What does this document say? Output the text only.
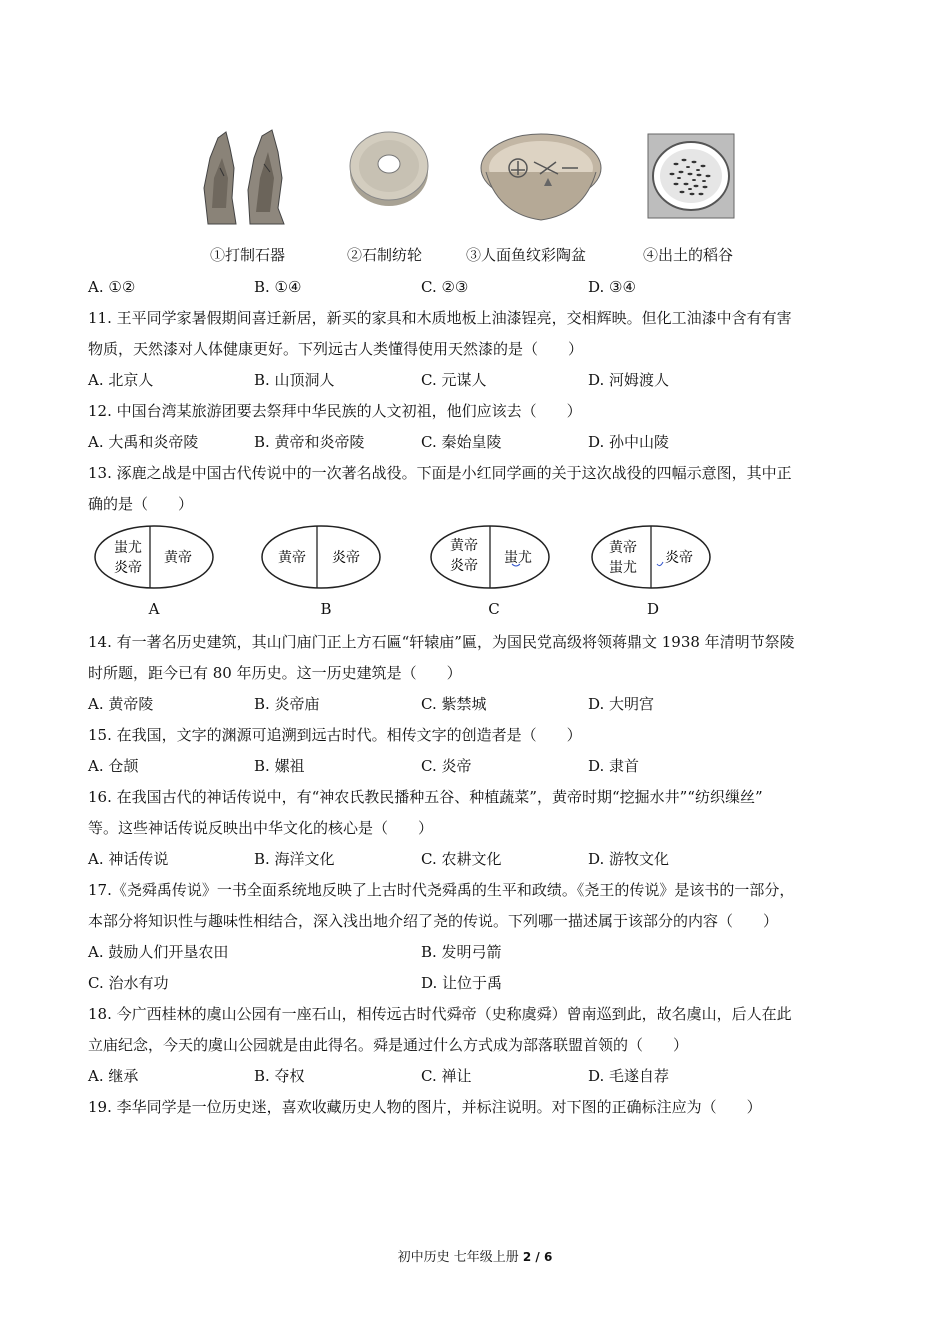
①打制石器	②石制纺轮	③人面鱼纹彩陶盆	④出土的稻谷
A. ①②	B. ①④	C. ②③	D. ③④
11. 王平同学家暑假期间喜迁新居，新买的家具和木质地板上油漆锃亮，交相辉映。但化工油漆中含有有害
物质，天然漆对人体健康更好。下列远古人类懂得使用天然漆的是（　　）
A. 北京人	B. 山顶洞人	C. 元谋人	D. 河姆渡人
12. 中国台湾某旅游团要去祭拜中华民族的人文初祖，他们应该去（　　）
A. 大禹和炎帝陵	B. 黄帝和炎帝陵	C. 秦始皇陵	D. 孙中山陵
13. 涿鹿之战是中国古代传说中的一次著名战役。下面是小红同学画的关于这次战役的四幅示意图，其中正
确的是（　　）
蚩尤
炎帝
黄帝	黄帝 炎帝
黄帝
炎帝 蚩尤
黄帝
蚩尤
炎帝
A	B	C	D
14. 有一著名历史建筑，其山门庙门正上方石匾“轩辕庙”匾，为国民党高级将领蒋鼎文 1938 年清明节祭陵
时所题，距今已有 80 年历史。这一历史建筑是（　　）
A. 黄帝陵	B. 炎帝庙	C. 紫禁城	D. 大明宫
15. 在我国，文字的渊源可追溯到远古时代。相传文字的创造者是（　　）
A. 仓颉	B. 嫘祖	C. 炎帝	D. 隶首
16. 在我国古代的神话传说中，有“神农氏教民播种五谷、种植蔬菜”，黄帝时期“挖掘水井”“纺织缫丝”
等。这些神话传说反映出中华文化的核心是（　　）
A. 神话传说	B. 海洋文化	C. 农耕文化	D. 游牧文化
17.《尧舜禹传说》一书全面系统地反映了上古时代尧舜禹的生平和政绩。《尧王的传说》是该书的一部分，
本部分将知识性与趣味性相结合，深入浅出地介绍了尧的传说。下列哪一描述属于该部分的内容（　　）
A. 鼓励人们开垦农田	B. 发明弓箭
C. 治水有功	D. 让位于禹
18. 今广西桂林的虞山公园有一座石山，相传远古时代舜帝（史称虞舜）曾南巡到此，故名虞山，后人在此
立庙纪念，今天的虞山公园就是由此得名。舜是通过什么方式成为部落联盟首领的（　　）
A. 继承	B. 夺权	C. 禅让	D. 毛遂自荐
19. 李华同学是一位历史迷，喜欢收藏历史人物的图片，并标注说明。对下图的正确标注应为（　　）
初中历史 七年级上册 2 / 6
